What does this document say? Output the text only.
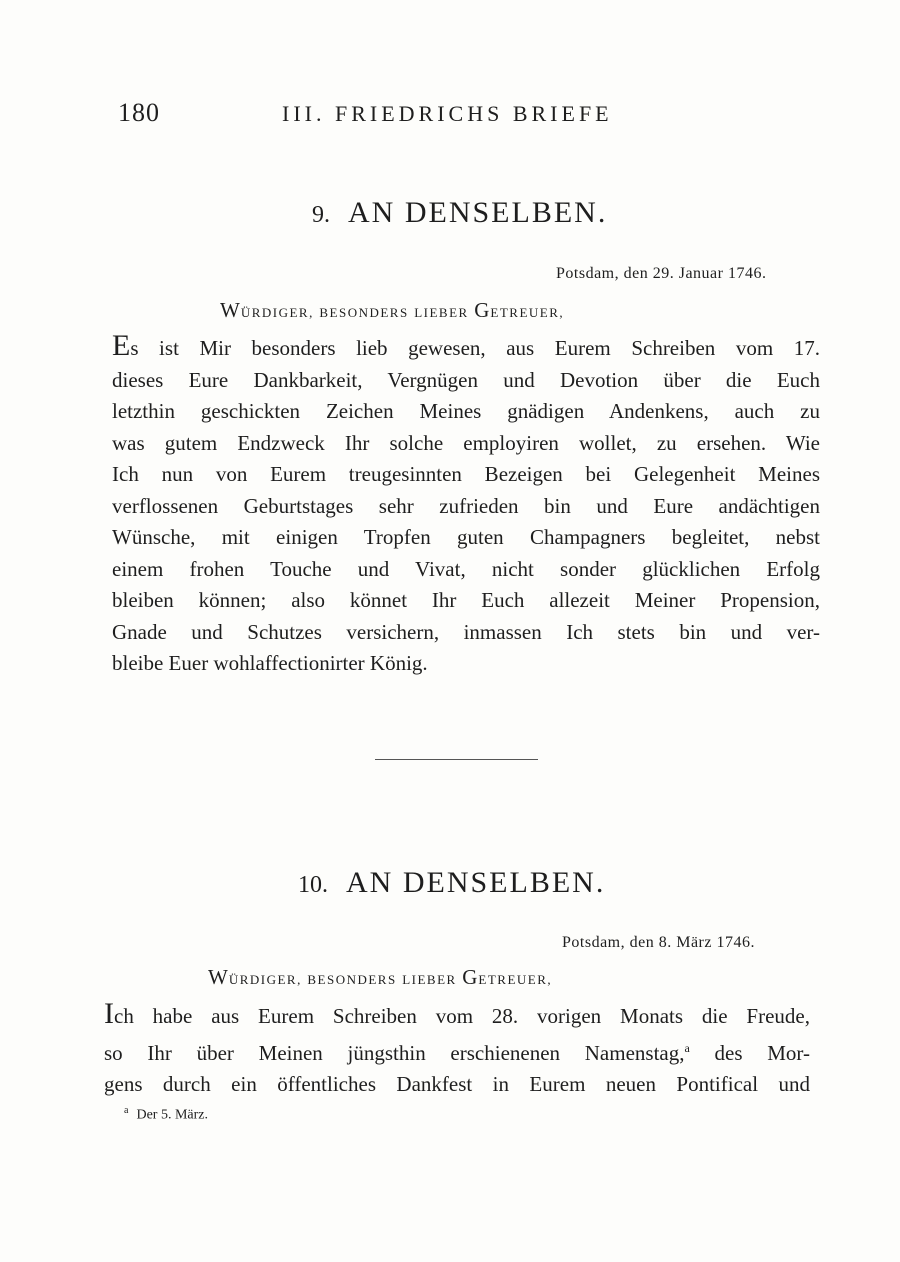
180	III. FRIEDRICHS BRIEFE
9. AN DENSELBEN.
Potsdam, den 29. Januar 1746.
WÜRDIGER, BESONDERS LIEBER GETREUER,
Es ist Mir besonders lieb gewesen, aus Eurem Schreiben vom 17.
dieses Eure Dankbarkeit, Vergnügen und Devotion über die Euch
letzthin geschickten Zeichen Meines gnädigen Andenkens, auch zu
was gutem Endzweck Ihr solche employiren wollet, zu ersehen. Wie
Ich nun von Eurem treugesinnten Bezeigen bei Gelegenheit Meines
verflossenen Geburtstages sehr zufrieden bin und Eure andächtigen
Wünsche, mit einigen Tropfen guten Champagners begleitet, nebst
einem frohen Touche und Vivat, nicht sonder glücklichen Erfolg
bleiben können; also könnet Ihr Euch allezeit Meiner Propension,
Gnade und Schutzes versichern, inmassen Ich stets bin und ver-
bleibe Euer wohlaffectionirter König.
10. AN DENSELBEN.
Potsdam, den 8. März 1746.
WÜRDIGER, BESONDERS LIEBER GETREUER,
Ich habe aus Eurem Schreiben vom 28. vorigen Monats die Freude,
so Ihr über Meinen jüngsthin erschienenen Namenstag,$^a$ des Mor-
gens durch ein öffentliches Dankfest in Eurem neuen Pontifical und
$^a$ Der 5. März.
